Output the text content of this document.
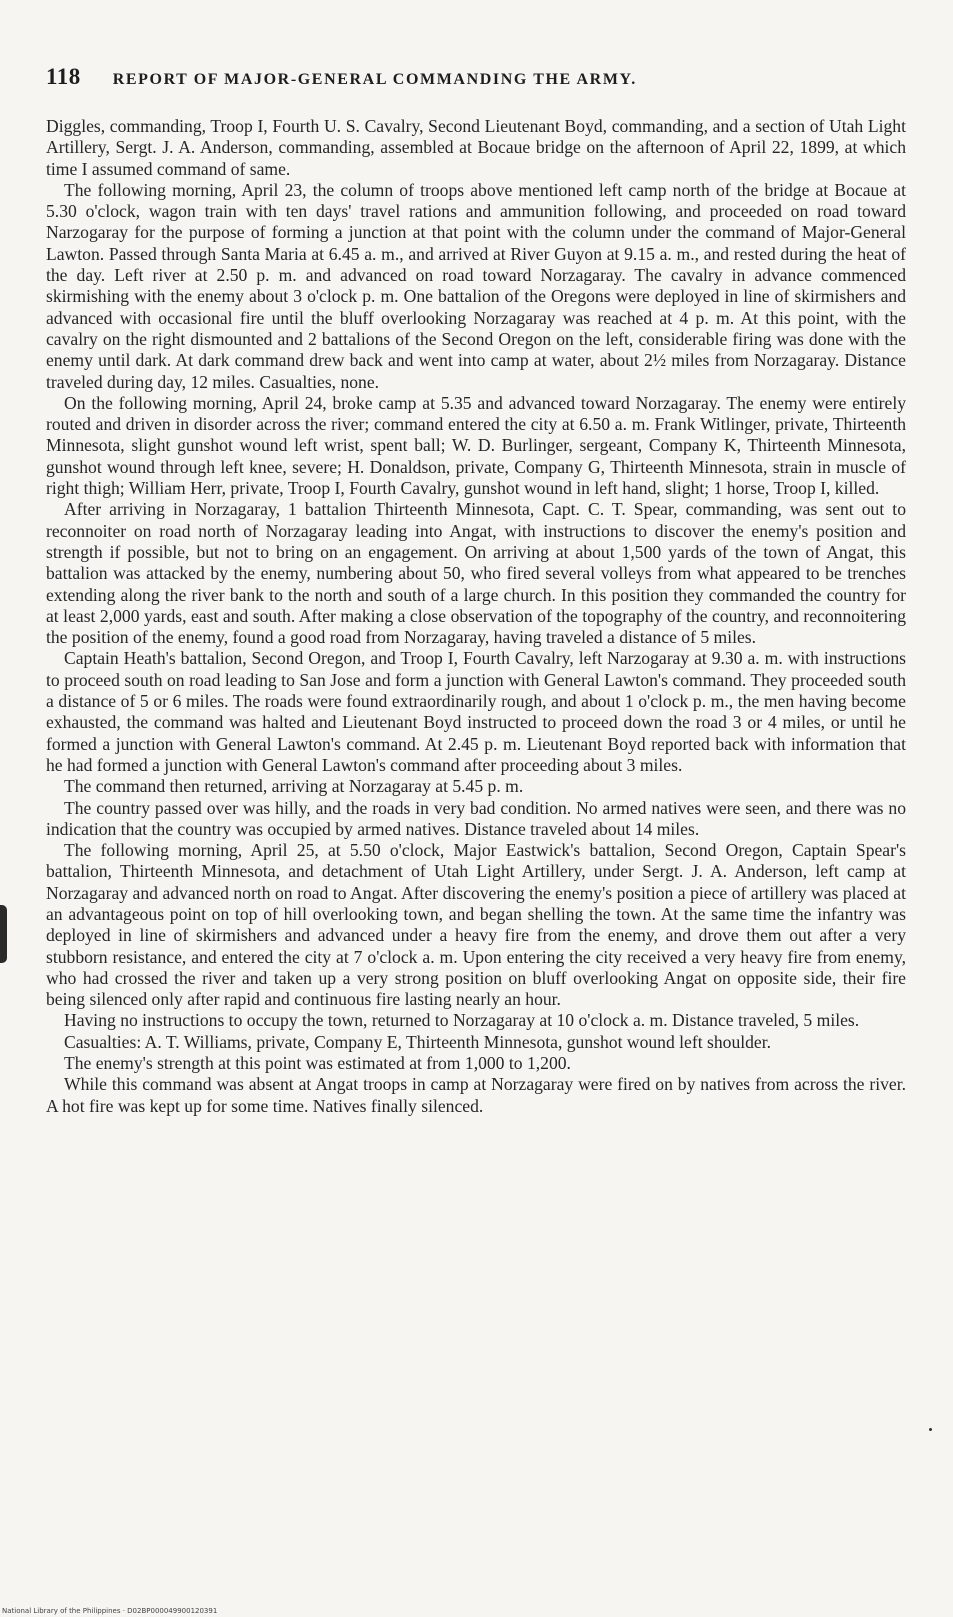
118 REPORT OF MAJOR-GENERAL COMMANDING THE ARMY.

Diggles, commanding, Troop I, Fourth U. S. Cavalry, Second Lieutenant Boyd, commanding, and a section of Utah Light Artillery, Sergt. J. A. Anderson, commanding, assembled at Bocaue bridge on the afternoon of April 22, 1899, at which time I assumed command of same.

The following morning, April 23, the column of troops above mentioned left camp north of the bridge at Bocaue at 5.30 o'clock, wagon train with ten days' travel rations and ammunition following, and proceeded on road toward Narzogaray for the purpose of forming a junction at that point with the column under the command of Major-General Lawton. Passed through Santa Maria at 6.45 a. m., and arrived at River Guyon at 9.15 a. m., and rested during the heat of the day. Left river at 2.50 p. m. and advanced on road toward Norzagaray. The cavalry in advance commenced skirmishing with the enemy about 3 o'clock p. m. One battalion of the Oregons were deployed in line of skirmishers and advanced with occasional fire until the bluff overlooking Norzagaray was reached at 4 p. m. At this point, with the cavalry on the right dismounted and 2 battalions of the Second Oregon on the left, considerable firing was done with the enemy until dark. At dark command drew back and went into camp at water, about 2½ miles from Norzagaray. Distance traveled during day, 12 miles. Casualties, none.

On the following morning, April 24, broke camp at 5.35 and advanced toward Norzagaray. The enemy were entirely routed and driven in disorder across the river; command entered the city at 6.50 a. m. Frank Witlinger, private, Thirteenth Minnesota, slight gunshot wound left wrist, spent ball; W. D. Burlinger, sergeant, Company K, Thirteenth Minnesota, gunshot wound through left knee, severe; H. Donaldson, private, Company G, Thirteenth Minnesota, strain in muscle of right thigh; William Herr, private, Troop I, Fourth Cavalry, gunshot wound in left hand, slight; 1 horse, Troop I, killed.

After arriving in Norzagaray, 1 battalion Thirteenth Minnesota, Capt. C. T. Spear, commanding, was sent out to reconnoiter on road north of Norzagaray leading into Angat, with instructions to discover the enemy's position and strength if possible, but not to bring on an engagement. On arriving at about 1,500 yards of the town of Angat, this battalion was attacked by the enemy, numbering about 50, who fired several volleys from what appeared to be trenches extending along the river bank to the north and south of a large church. In this position they commanded the country for at least 2,000 yards, east and south. After making a close observation of the topography of the country, and reconnoitering the position of the enemy, found a good road from Norzagaray, having traveled a distance of 5 miles.

Captain Heath's battalion, Second Oregon, and Troop I, Fourth Cavalry, left Narzogaray at 9.30 a. m. with instructions to proceed south on road leading to San Jose and form a junction with General Lawton's command. They proceeded south a distance of 5 or 6 miles. The roads were found extraordinarily rough, and about 1 o'clock p. m., the men having become exhausted, the command was halted and Lieutenant Boyd instructed to proceed down the road 3 or 4 miles, or until he formed a junction with General Lawton's command. At 2.45 p. m. Lieutenant Boyd reported back with information that he had formed a junction with General Lawton's command after proceeding about 3 miles.

The command then returned, arriving at Norzagaray at 5.45 p. m.

The country passed over was hilly, and the roads in very bad condition. No armed natives were seen, and there was no indication that the country was occupied by armed natives. Distance traveled about 14 miles.

The following morning, April 25, at 5.50 o'clock, Major Eastwick's battalion, Second Oregon, Captain Spear's battalion, Thirteenth Minnesota, and detachment of Utah Light Artillery, under Sergt. J. A. Anderson, left camp at Norzagaray and advanced north on road to Angat. After discovering the enemy's position a piece of artillery was placed at an advantageous point on top of hill overlooking town, and began shelling the town. At the same time the infantry was deployed in line of skirmishers and advanced under a heavy fire from the enemy, and drove them out after a very stubborn resistance, and entered the city at 7 o'clock a. m. Upon entering the city received a very heavy fire from enemy, who had crossed the river and taken up a very strong position on bluff overlooking Angat on opposite side, their fire being silenced only after rapid and continuous fire lasting nearly an hour.

Having no instructions to occupy the town, returned to Norzagaray at 10 o'clock a. m. Distance traveled, 5 miles.

Casualties: A. T. Williams, private, Company E, Thirteenth Minnesota, gunshot wound left shoulder.

The enemy's strength at this point was estimated at from 1,000 to 1,200.

While this command was absent at Angat troops in camp at Norzagaray were fired on by natives from across the river. A hot fire was kept up for some time. Natives finally silenced.

National Library of the Philippines · D02BP000049900120391
